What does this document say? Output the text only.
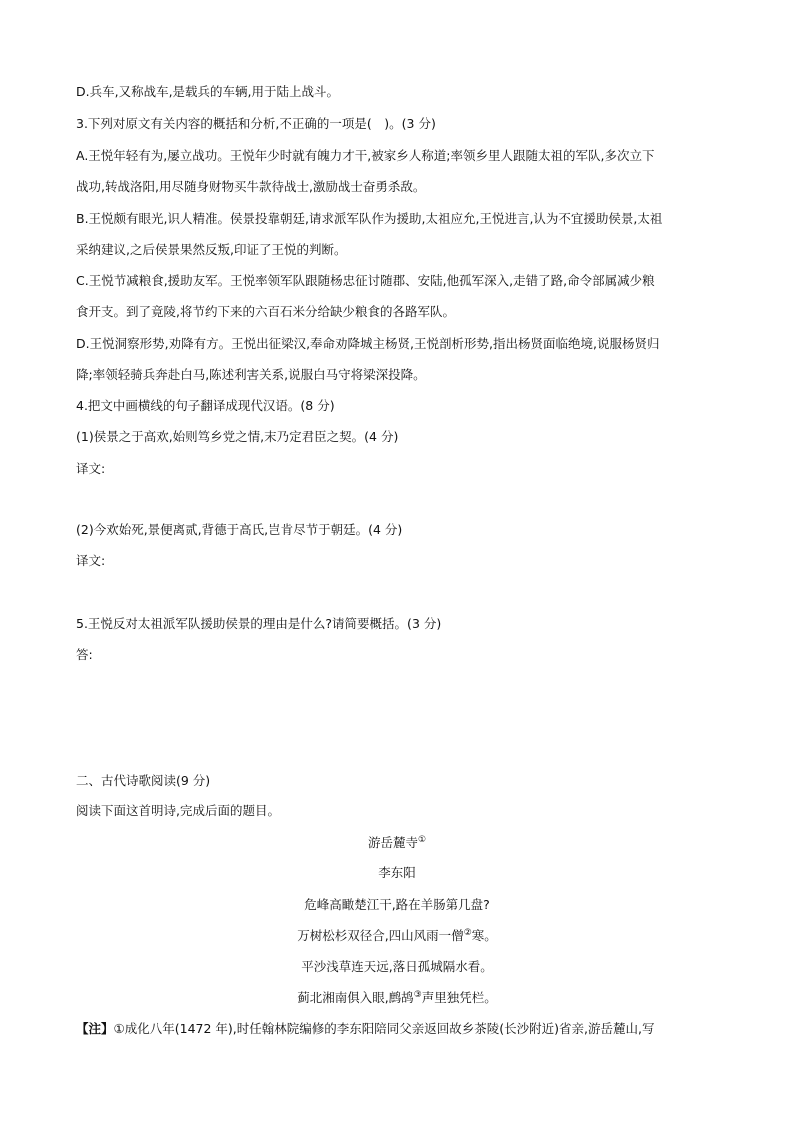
D.兵车,又称战车,是载兵的车辆,用于陆上战斗。
3.下列对原文有关内容的概括和分析,不正确的一项是(　)。(3 分)
A.王悦年轻有为,屡立战功。王悦年少时就有魄力才干,被家乡人称道;率领乡里人跟随太祖的军队,多次立下
战功,转战洛阳,用尽随身财物买牛款待战士,激励战士奋勇杀敌。
B.王悦颇有眼光,识人精准。侯景投靠朝廷,请求派军队作为援助,太祖应允,王悦进言,认为不宜援助侯景,太祖
采纳建议,之后侯景果然反叛,印证了王悦的判断。
C.王悦节减粮食,援助友军。王悦率领军队跟随杨忠征讨随郡、安陆,他孤军深入,走错了路,命令部属减少粮
食开支。到了竟陵,将节约下来的六百石米分给缺少粮食的各路军队。
D.王悦洞察形势,劝降有方。王悦出征梁汉,奉命劝降城主杨贤,王悦剖析形势,指出杨贤面临绝境,说服杨贤归
降;率领轻骑兵奔赴白马,陈述利害关系,说服白马守将梁深投降。
4.把文中画横线的句子翻译成现代汉语。(8 分)
(1)侯景之于高欢,始则笃乡党之情,末乃定君臣之契。(4 分)
译文:
(2)今欢始死,景便离贰,背德于高氏,岂肯尽节于朝廷。(4 分)
译文:
5.王悦反对太祖派军队援助侯景的理由是什么?请简要概括。(3 分)
答:
二、古代诗歌阅读(9 分)
阅读下面这首明诗,完成后面的题目。
游岳麓寺①
李东阳
危峰高瞰楚江干,路在羊肠第几盘?
万树松杉双径合,四山风雨一僧②寒。
平沙浅草连天远,落日孤城隔水看。
蓟北湘南俱入眼,鹧鸪③声里独凭栏。
【注】①成化八年(1472 年),时任翰林院编修的李东阳陪同父亲返回故乡茶陵(长沙附近)省亲,游岳麓山,写
